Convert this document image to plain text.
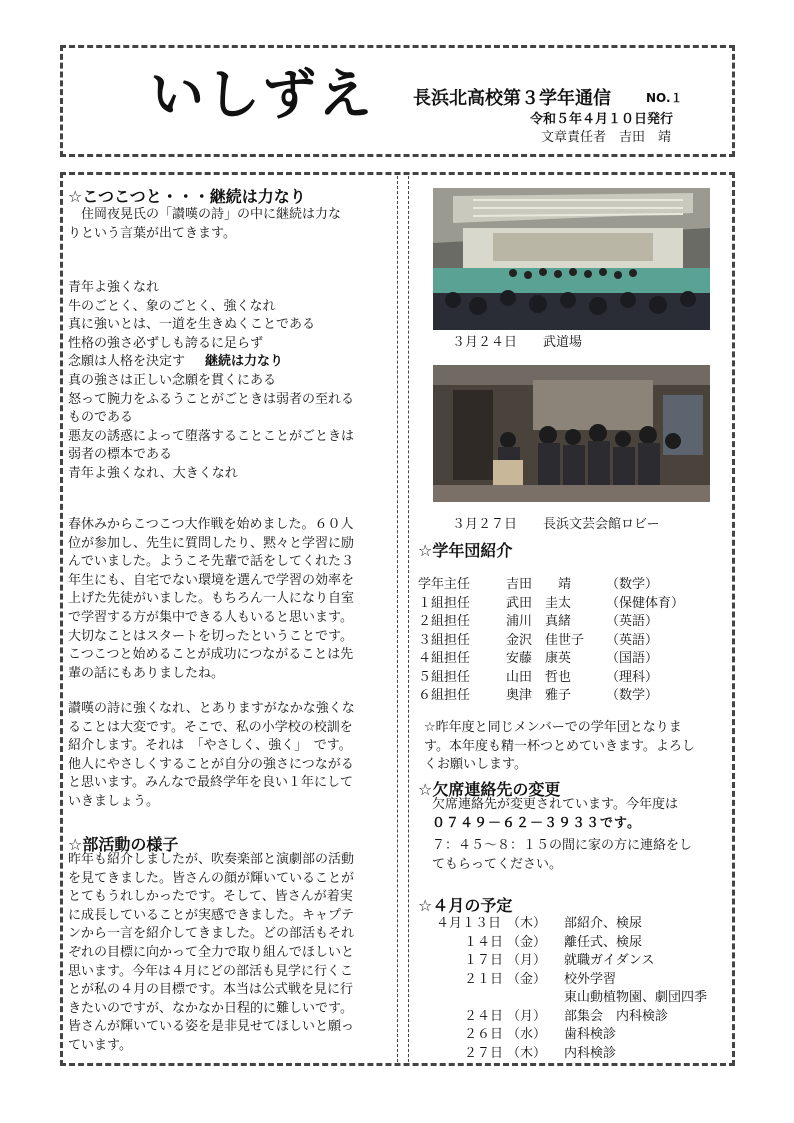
いしずえ 長浜北高校第３学年通信	NO.１
令和５年４月１０日発行
文章責任者　吉田　靖
☆こつこつと・・・継続は力なり
　住岡夜晃氏の「讃嘆の詩」の中に継続は力な
りという言葉が出てきます。
青年よ強くなれ
牛のごとく、象のごとく、強くなれ
真に強いとは、一道を生きぬくことである
性格の強さ必ずしも誇るに足らず
念願は人格を決定す 継続は力なり
真の強さは正しい念願を貫くにある
怒って腕力をふるうことがごときは弱者の至れる
ものである
悪友の誘惑によって堕落することことがごときは
弱者の標本である
青年よ強くなれ、大きくなれ
春休みからこつこつ大作戦を始めました。６０人
位が参加し、先生に質問したり、黙々と学習に励
んでいました。ようこそ先輩で話をしてくれた３
年生にも、自宅でない環境を選んで学習の効率を
上げた先徒がいました。もちろん一人になり自室
で学習する方が集中できる人もいると思います。
大切なことはスタートを切ったということです。
こつこつと始めることが成功につながることは先
輩の話にもありましたね。
讃嘆の詩に強くなれ、とありますがなかな強くな
ることは大変です。そこで、私の小学校の校訓を
紹介します。それは　「やさしく、強く」　です。
他人にやさしくすることが自分の強さにつながる
と思います。みんなで最終学年を良い１年にして
いきましょう。
☆部活動の様子
昨年も紹介しましたが、吹奏楽部と演劇部の活動
を見てきました。皆さんの顔が輝いていることが
とてもうれしかったです。そして、皆さんが着実
に成長していることが実感できました。キャプテ
ンから一言を紹介してきました。どの部活もそれ
ぞれの目標に向かって全力で取り組んでほしいと
思います。今年は４月にどの部活も見学に行くこ
とが私の４月の目標です。本当は公式戦を見に行
きたいのですが、なかなか日程的に難しいです。
皆さんが輝いている姿を是非見せてほしいと願っ
ています。
３月２４日　　武道場
３月２７日　　長浜文芸会館ロビー
☆学年団紹介
学年主任	吉田　　靖	（数学）
１組担任	武田　圭太	（保健体育）
２組担任	浦川　真緒	（英語）
３組担任	金沢　佳世子 （英語）
４組担任	安藤　康英	（国語）
５組担任	山田　哲也	（理科）
６組担任	奥津　雅子	（数学）
☆昨年度と同じメンバーでの学年団となりま
す。本年度も精一杯つとめていきます。よろし
くお願いします。
☆欠席連絡先の変更
欠席連絡先が変更されています。今年度は
０７４９－６２－３９３３です。
７：４５～８：１５の間に家の方に連絡をし
てもらってください。
☆４月の予定
４月１３日 （木） 部紹介、検尿
１４日 （金） 離任式、検尿
１７日 （月） 就職ガイダンス
２１日 （金） 校外学習
東山動植物園、劇団四季
２４日 （月） 部集会　内科検診
２６日 （水） 歯科検診
２７日 （木） 内科検診
